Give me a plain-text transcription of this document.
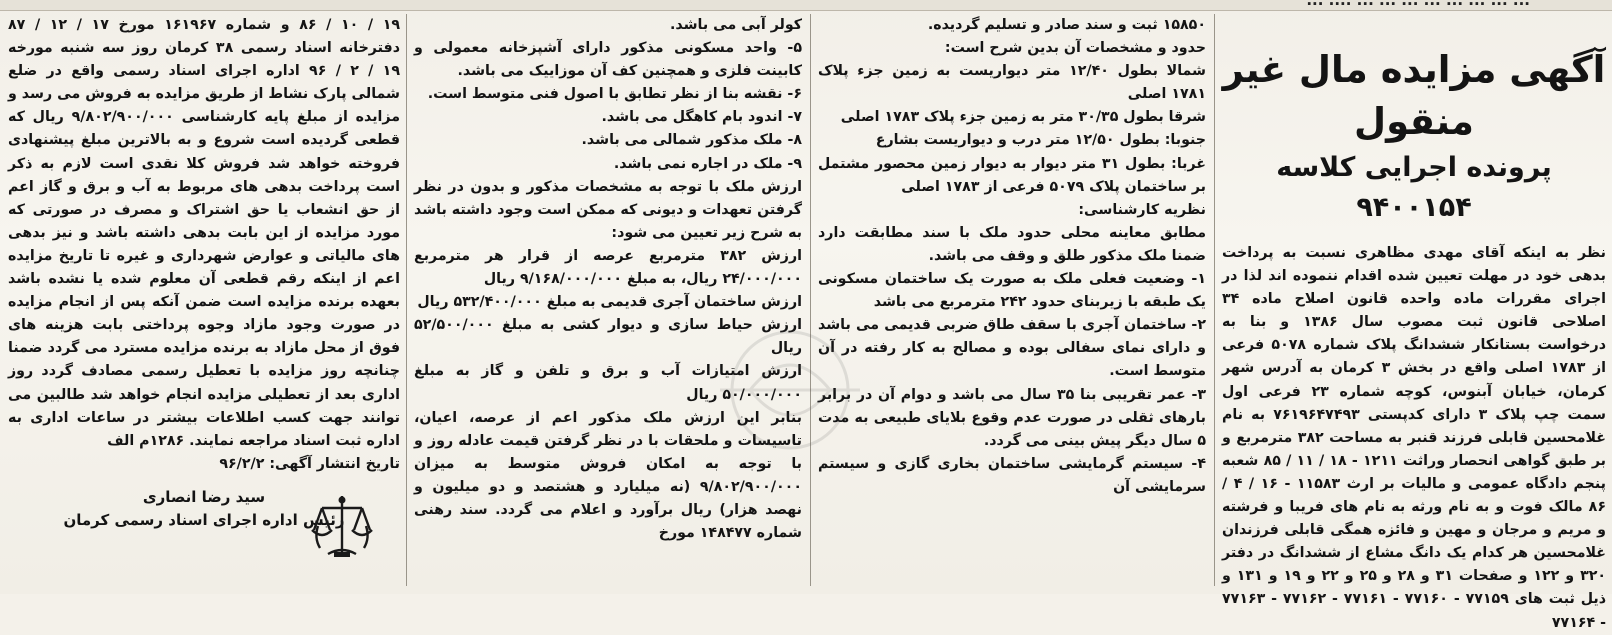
... ... ... ... ... ... ... ... .... ...
آگهی مزایده مال غیر منقول
پرونده اجرایی کلاسه ۹۴۰۰۱۵۴

نظر به اینکه آقای مهدی مظاهری نسبت به پرداخت بدهی خود در مهلت تعیین شده اقدام ننموده اند لذا در اجرای مقررات ماده واحده قانون اصلاح ماده ۳۴ اصلاحی قانون ثبت مصوب سال ۱۳۸۶ و بنا به درخواست بستانکار ششدانگ پلاک شماره ۵۰۷۸ فرعی از ۱۷۸۳ اصلی واقع در بخش ۳ کرمان به آدرس شهر کرمان، خیابان آبنوس، کوچه شماره ۲۳ فرعی اول سمت چپ پلاک ۳ دارای کدپستی ۷۶۱۹۶۴۷۴۹۳ به نام غلامحسین قابلی فرزند قنبر به مساحت ۳۸۲ مترمربع و بر طبق گواهی انحصار وراثت ۱۲۱۱ - ۱۸ / ۱۱ / ۸۵ شعبه پنجم دادگاه عمومی و مالیات بر ارث ۱۱۵۸۳ - ۱۶ / ۴ / ۸۶ مالک فوت و به نام ورثه به نام های فریبا و فرشته و مریم و مرجان و مهین و فائزه همگی قابلی فرزندان غلامحسین هر کدام یک دانگ مشاع از ششدانگ در دفتر ۳۲۰ و ۱۲۲ و صفحات ۳۱ و ۲۸ و ۲۵ و ۲۲ و ۱۹ و ۱۳۱ و ذیل ثبت های ۷۷۱۵۹ - ۷۷۱۶۰ - ۷۷۱۶۱ - ۷۷۱۶۲ - ۷۷۱۶۳ - ۷۷۱۶۴

۱۵۸۵۰ ثبت و سند صادر و تسلیم گردیده.

حدود و مشخصات آن بدین شرح است:

شمالا بطول ۱۲/۴۰ متر دیواریست به زمین جزء پلاک ۱۷۸۱ اصلی

شرقا بطول ۳۰/۳۵ متر به زمین جزء پلاک ۱۷۸۳ اصلی

جنوبا: بطول ۱۲/۵۰ متر درب و دیواریست بشارع

غربا: بطول ۳۱ متر دیوار به دیوار زمین محصور مشتمل بر ساختمان پلاک ۵۰۷۹ فرعی از ۱۷۸۳ اصلی

نظریه کارشناسی:

مطابق معاینه محلی حدود ملک با سند مطابقت دارد ضمنا ملک مذکور طلق و وقف می باشد.

۱- وضعیت فعلی ملک به صورت یک ساختمان مسکونی یک طبقه با زیربنای حدود ۲۴۲ مترمربع می باشد

۲- ساختمان آجری با سقف طاق ضربی قدیمی می باشد و دارای نمای سفالی بوده و مصالح به کار رفته در آن متوسط است.

۳- عمر تقریبی بنا ۳۵ سال می باشد و دوام آن در برابر بارهای ثقلی در صورت عدم وقوع بلایای طبیعی به مدت ۵ سال دیگر پیش بینی می گردد.

۴- سیستم گرمایشی ساختمان بخاری گازی و سیستم سرمایشی آن

کولر آبی می باشد.

۵- واحد مسکونی مذکور دارای آشپزخانه معمولی و کابینت فلزی و همچنین کف آن موزاییک می باشد.

۶- نقشه بنا از نظر تطابق با اصول فنی متوسط است.

۷- اندود بام کاهگل می باشد.

۸- ملک مذکور شمالی می باشد.

۹- ملک در اجاره نمی باشد.

ارزش ملک با توجه به مشخصات مذکور و بدون در نظر گرفتن تعهدات و دیونی که ممکن است وجود داشته باشد به شرح زیر تعیین می شود:

ارزش ۳۸۲ مترمربع عرصه از قرار هر مترمربع ۲۴/۰۰۰/۰۰۰ ریال، به مبلغ ۹/۱۶۸/۰۰۰/۰۰۰ ریال

ارزش ساختمان آجری قدیمی به مبلغ ۵۳۲/۴۰۰/۰۰۰ ریال

ارزش حیاط سازی و دیوار کشی به مبلغ ۵۲/۵۰۰/۰۰۰ ریال

ارزش امتیازات آب و برق و تلفن و گاز به مبلغ ۵۰/۰۰۰/۰۰۰ ریال

بنابر این ارزش ملک مذکور اعم از عرصه، اعیان، تاسیسات و ملحقات با در نظر گرفتن قیمت عادله روز و با توجه به امکان فروش متوسط به میزان ۹/۸۰۲/۹۰۰/۰۰۰ (نه میلیارد و هشتصد و دو میلیون و نهصد هزار) ریال برآورد و اعلام می گردد. سند رهنی شماره ۱۴۸۴۷۷ مورخ

۱۹ / ۱۰ / ۸۶ و شماره ۱۶۱۹۶۷ مورخ ۱۷ / ۱۲ / ۸۷ دفترخانه اسناد رسمی ۳۸ کرمان روز سه شنبه مورخه ۱۹ / ۲ / ۹۶ اداره اجرای اسناد رسمی واقع در ضلع شمالی پارک نشاط از طریق مزایده به فروش می رسد و مزایده از مبلغ پایه کارشناسی ۹/۸۰۲/۹۰۰/۰۰۰ ریال که قطعی گردیده است شروع و به بالاترین مبلغ پیشنهادی فروخته خواهد شد فروش کلا نقدی است لازم به ذکر است پرداخت بدهی های مربوط به آب و برق و گاز اعم از حق انشعاب یا حق اشتراک و مصرف در صورتی که مورد مزایده از این بابت بدهی داشته باشد و نیز بدهی های مالیاتی و عوارض شهرداری و غیره تا تاریخ مزایده اعم از اینکه رقم قطعی آن معلوم شده یا نشده باشد بعهده برنده مزایده است ضمن آنکه پس از انجام مزایده در صورت وجود مازاد وجوه پرداختی بابت هزینه های فوق از محل مازاد به برنده مزایده مسترد می گردد ضمنا چنانچه روز مزایده با تعطیل رسمی مصادف گردد روز اداری بعد از تعطیلی مزایده انجام خواهد شد طالبین می توانند جهت کسب اطلاعات بیشتر در ساعات اداری به اداره ثبت اسناد مراجعه نمایند. ۱۲۸۶م الف

تاریخ انتشار آگهی: ۹۶/۲/۲

سید رضا انصاری
رئیس اداره اجرای اسناد رسمی کرمان
